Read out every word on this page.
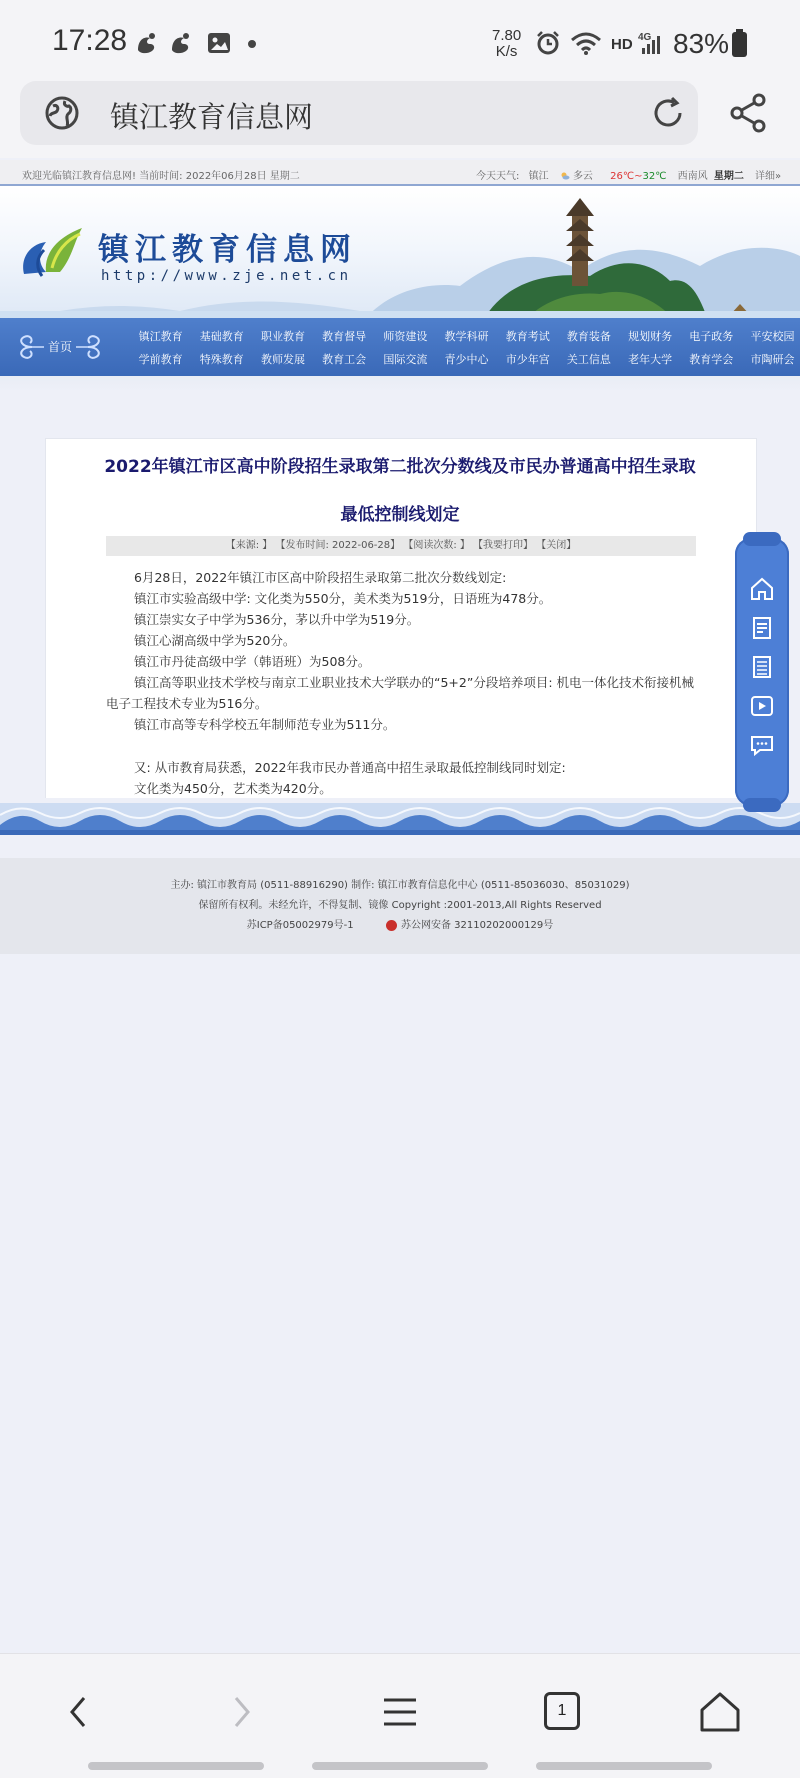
17:28	7.80
K/s	HD 4G 83%
镇江教育信息网
欢迎光临镇江教育信息网! 当前时间: 2022年06月28日 星期二	今天天气: 镇江 多云 26℃~32℃ 西南风 星期二 详细»
镇江教育信息网
http://www.zje.net.cn
首页
镇江教育	基础教育	职业教育	教育督导	师资建设	教学科研	教育考试	教育装备	规划财务	电子政务	平安校园
学前教育	特殊教育	教师发展	教育工会	国际交流	青少中心	市少年宫	关工信息	老年大学	教育学会	市陶研会
2022年镇江市区高中阶段招生录取第二批次分数线及市民办普通高中招生录取最低控制线划定
【来源: 】 【发布时间: 2022-06-28】 【阅读次数: 】 【我要打印】 【关闭】
6月28日，2022年镇江市区高中阶段招生录取第二批次分数线划定:
镇江市实验高级中学: 文化类为550分，美术类为519分，日语班为478分。
镇江崇实女子中学为536分，茅以升中学为519分。
镇江心湖高级中学为520分。
镇江市丹徒高级中学（韩语班）为508分。
镇江高等职业技术学校与南京工业职业技术大学联办的“5+2”分段培养项目: 机电一体化技术衔接机械电子工程技术专业为516分。
镇江市高等专科学校五年制师范专业为511分。
又: 从市教育局获悉，2022年我市民办普通高中招生录取最低控制线同时划定:
文化类为450分，艺术类为420分。
主办: 镇江市教育局 (0511-88916290) 制作: 镇江市教育信息化中心 (0511-85036030、85031029)
保留所有权利。未经允许，不得复制、镜像 Copyright :2001-2013,All Rights Reserved
苏ICP备05002979号-1	苏公网安备 32110202000129号
1
